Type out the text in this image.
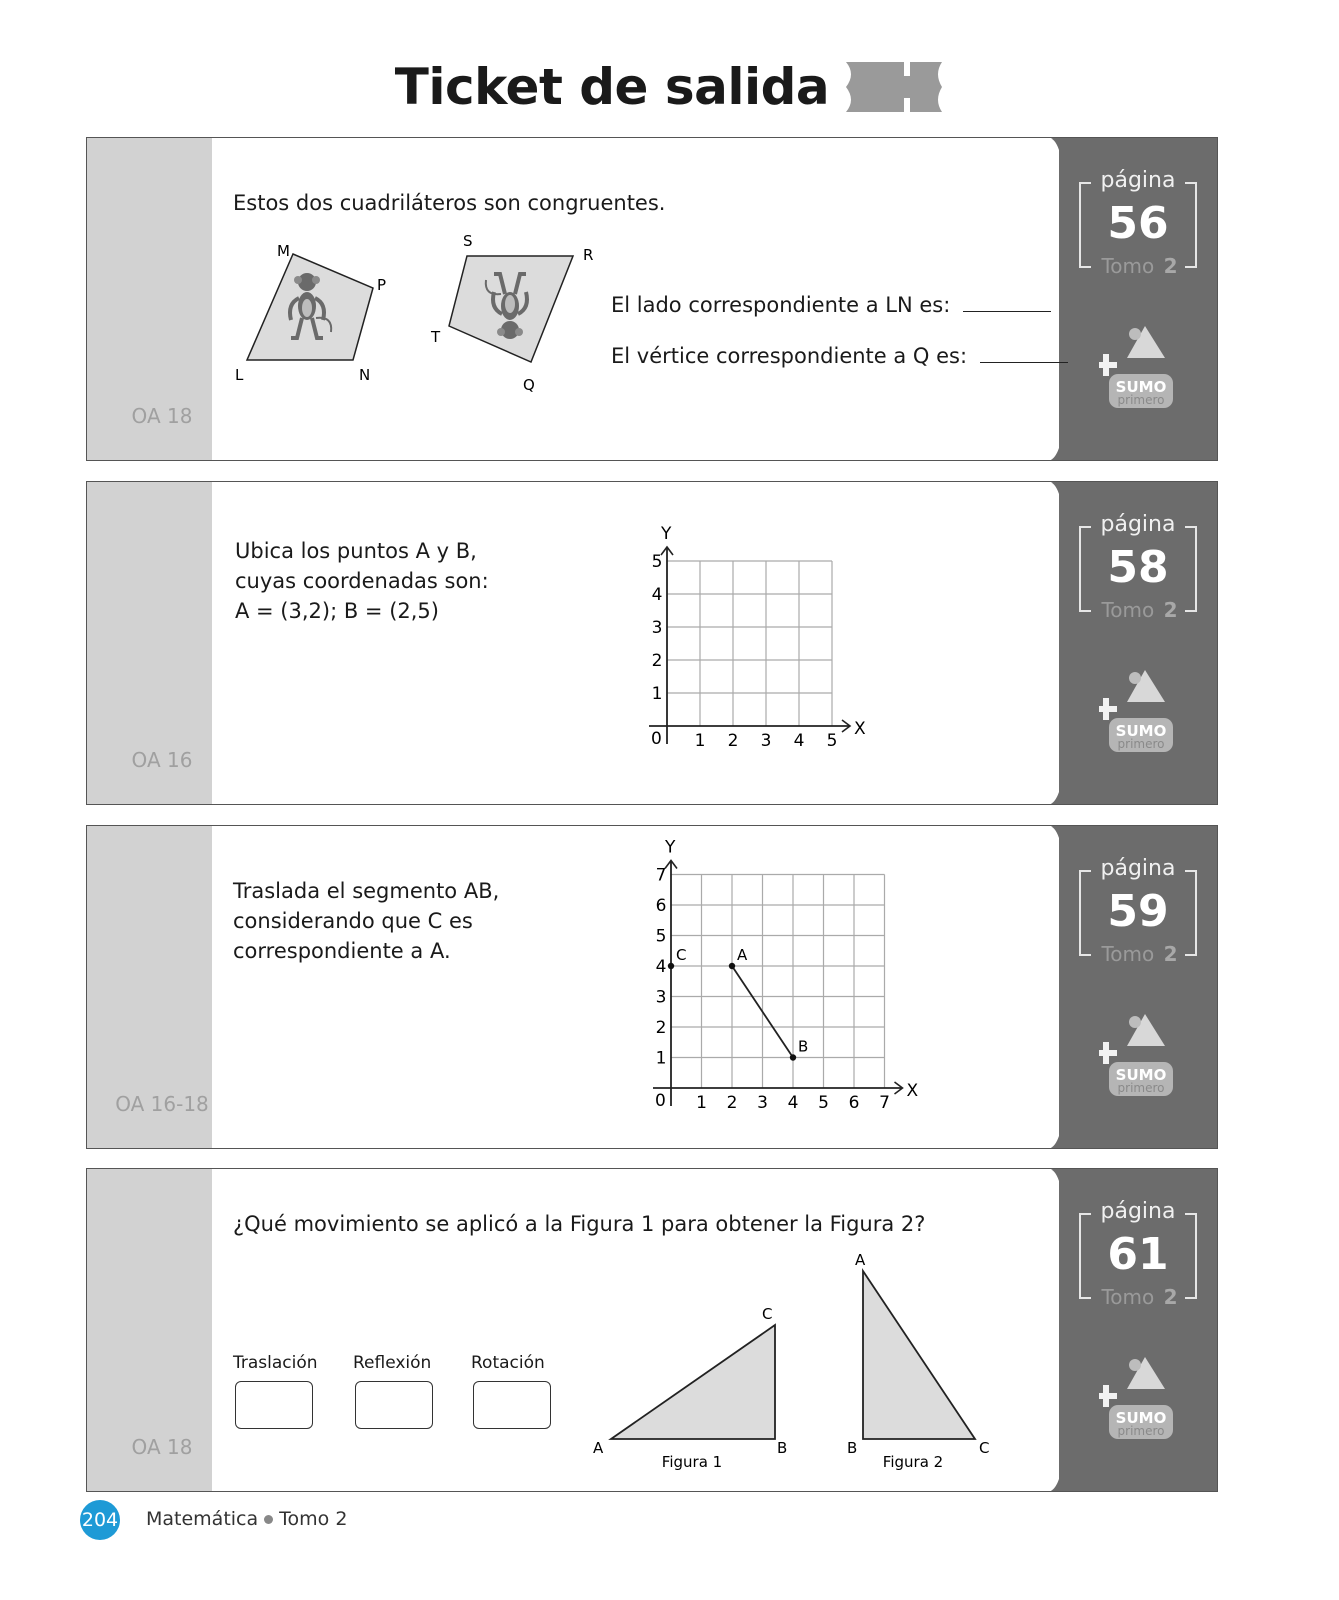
Ticket de salida
OA 18
página
56
Tomo 2
SUMO
primero
Estos dos cuadriláteros son congruentes.
M
P
N
L
S
R
T
Q
El lado correspondiente a LN es:
El vértice correspondiente a Q es:
OA 16
página
58
Tomo 2
SUMO
primero
Ubica los puntos A y B,
cuyas coordenadas son:
A = (3,2); B = (2,5)
X
Y
0 1 2 3 4 5
1
2
3
4
5
OA 16-18
página
59
Tomo 2
SUMO
primero
Traslada el segmento AB,
considerando que C es
correspondiente a A.
X
Y
0 1 2 3 4 5 6 7
1
2
3
4
5
6
7
C	A
B
OA 18
página
61
Tomo 2
SUMO
primero
¿Qué movimiento se aplicó a la Figura 1 para obtener la Figura 2?
Traslación Reflexión Rotación
A	B
C
Figura 1
A
B	C
Figura 2
204 Matemática Tomo 2
